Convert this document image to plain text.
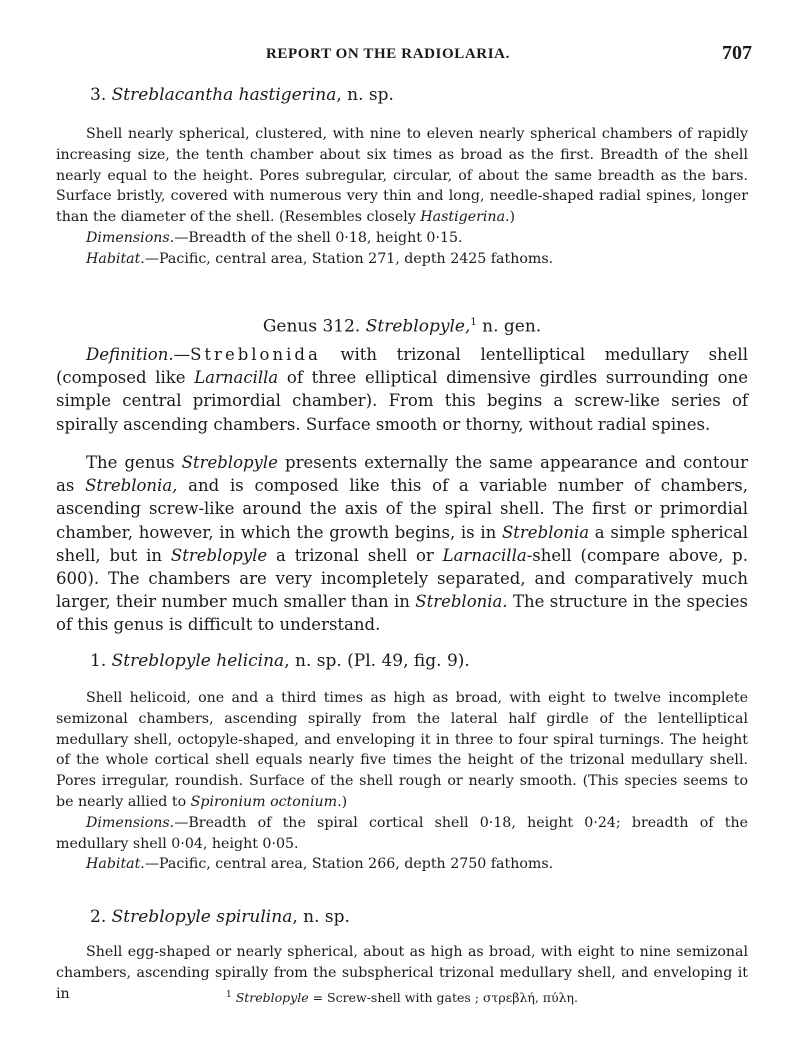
REPORT ON THE RADIOLARIA.	707
3. Streblacantha hastigerina, n. sp.

Shell nearly spherical, clustered, with nine to eleven nearly spherical chambers of rapidly increasing size, the tenth chamber about six times as broad as the first. Breadth of the shell nearly equal to the height. Pores subregular, circular, of about the same breadth as the bars. Surface bristly, covered with numerous very thin and long, needle-shaped radial spines, longer than the diameter of the shell. (Resembles closely Hastigerina.)

Dimensions.—Breadth of the shell 0·18, height 0·15.

Habitat.—Pacific, central area, Station 271, depth 2425 fathoms.

Genus 312. Streblopyle,$^1$ n. gen.

Definition.—Streblonida with trizonal lentelliptical medullary shell (composed like Larnacilla of three elliptical dimensive girdles surrounding one simple central primordial chamber). From this begins a screw-like series of spirally ascending chambers. Surface smooth or thorny, without radial spines.

The genus Streblopyle presents externally the same appearance and contour as Streblonia, and is composed like this of a variable number of chambers, ascending screw-like around the axis of the spiral shell. The first or primordial chamber, however, in which the growth begins, is in Streblonia a simple spherical shell, but in Streblopyle a trizonal shell or Larnacilla-shell (compare above, p. 600). The chambers are very incompletely separated, and comparatively much larger, their number much smaller than in Streblonia. The structure in the species of this genus is difficult to understand.

1. Streblopyle helicina, n. sp. (Pl. 49, fig. 9).

Shell helicoid, one and a third times as high as broad, with eight to twelve incomplete semizonal chambers, ascending spirally from the lateral half girdle of the lentelliptical medullary shell, octopyle-shaped, and enveloping it in three to four spiral turnings. The height of the whole cortical shell equals nearly five times the height of the trizonal medullary shell. Pores irregular, roundish. Surface of the shell rough or nearly smooth. (This species seems to be nearly allied to Spironium octonium.)

Dimensions.—Breadth of the spiral cortical shell 0·18, height 0·24; breadth of the medullary shell 0·04, height 0·05.

Habitat.—Pacific, central area, Station 266, depth 2750 fathoms.

2. Streblopyle spirulina, n. sp.

Shell egg-shaped or nearly spherical, about as high as broad, with eight to nine semizonal chambers, ascending spirally from the subspherical trizonal medullary shell, and enveloping it in	$^1$ Streblopyle = Screw-shell with gates ; στρεβλή, πύλη.
